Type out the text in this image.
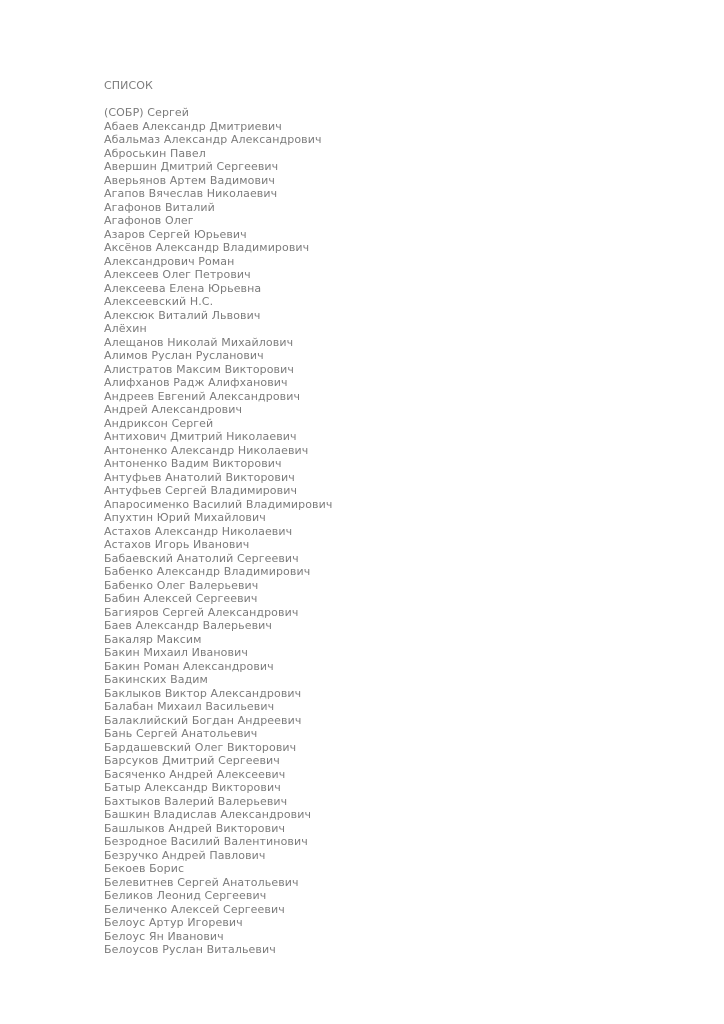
СПИСОК
(СОБР) Сергей
Абаев Александр Дмитриевич
Абальмаз Александр Александрович
Аброськин Павел
Авершин Дмитрий Сергеевич
Аверьянов Артем Вадимович
Агапов Вячеслав Николаевич
Агафонов Виталий
Агафонов Олег
Азаров Сергей Юрьевич
Аксёнов Александр Владимирович
Александрович Роман
Алексеев Олег Петрович
Алексеева Елена Юрьевна
Алексеевский Н.С.
Алексюк Виталий Львович
Алёхин
Алещанов Николай Михайлович
Алимов Руслан Русланович
Алистратов Максим Викторович
Алифханов Радж Алифханович
Андреев Евгений Александрович
Андрей Александрович
Андриксон Сергей
Антихович Дмитрий Николаевич
Антоненко Александр Николаевич
Антоненко Вадим Викторович
Антуфьев Анатолий Викторович
Антуфьев Сергей Владимирович
Апаросименко Василий Владимирович
Апухтин Юрий Михайлович
Астахов Александр Николаевич
Астахов Игорь Иванович
Бабаевский Анатолий Сергеевич
Бабенко Александр Владимирович
Бабенко Олег Валерьевич
Бабин Алексей Сергеевич
Багияров Сергей Александрович
Баев Александр Валерьевич
Бакаляр Максим
Бакин Михаил Иванович
Бакин Роман Александрович
Бакинских Вадим
Баклыков Виктор Александрович
Балабан Михаил Васильевич
Балаклийский Богдан Андреевич
Бань Сергей Анатольевич
Бардашевский Олег Викторович
Барсуков Дмитрий Сергеевич
Басяченко Андрей Алексеевич
Батыр Александр Викторович
Бахтыков Валерий Валерьевич
Башкин Владислав Александрович
Башлыков Андрей Викторович
Безродное Василий Валентинович
Безручко Андрей Павлович
Бекоев Борис
Белевитнев Сергей Анатольевич
Беликов Леонид Сергеевич
Беличенко Алексей Сергеевич
Белоус Артур Игоревич
Белоус Ян Иванович
Белоусов Руслан Витальевич
